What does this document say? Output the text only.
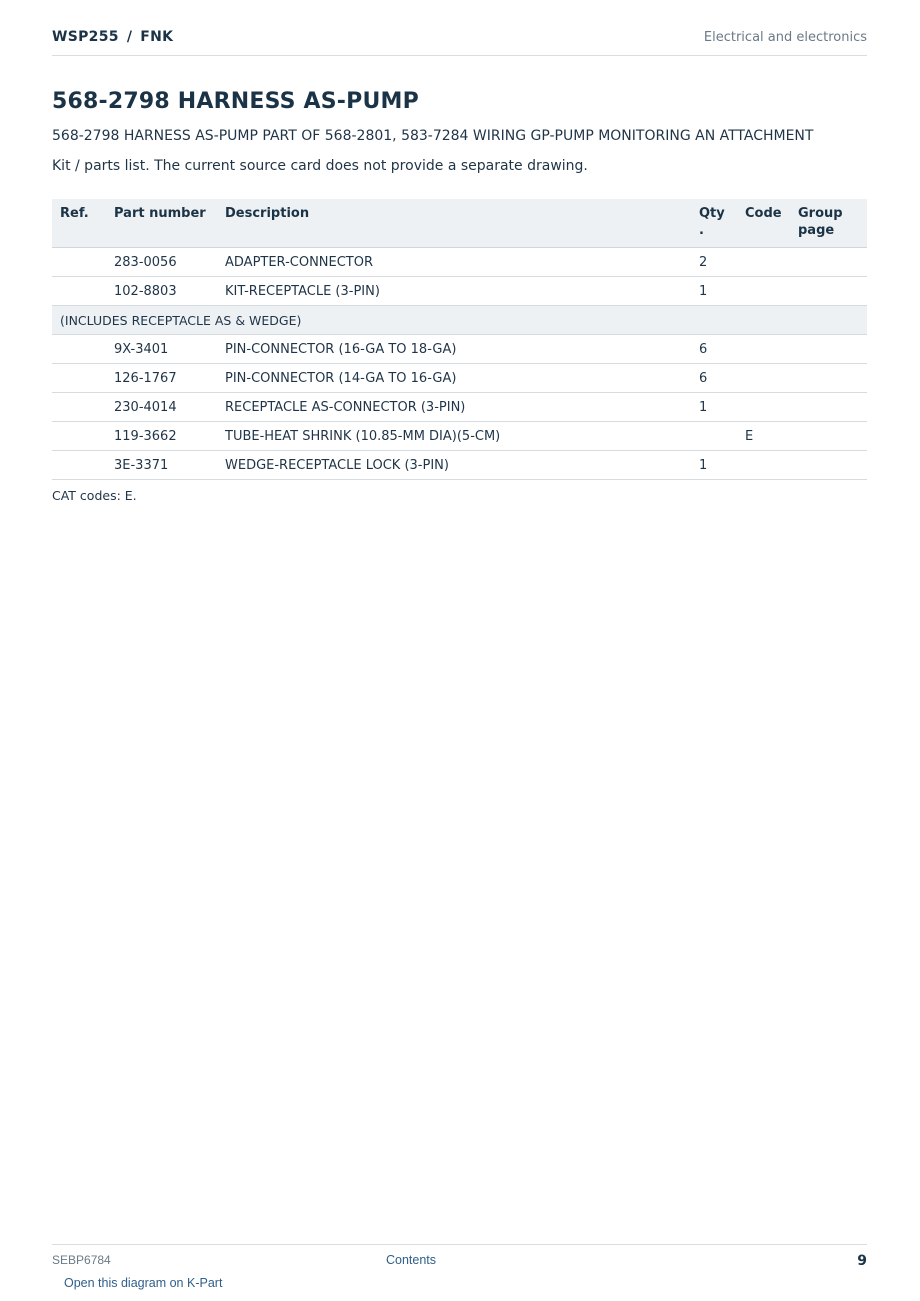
WSP255 / FNK	Electrical and electronics
568-2798 HARNESS AS-PUMP
568-2798 HARNESS AS-PUMP PART OF 568-2801, 583-7284 WIRING GP-PUMP MONITORING AN ATTACHMENT
Kit / parts list. The current source card does not provide a separate drawing.
Ref.	Part number	Description	Qty .	Code	Group page
	283-0056	ADAPTER-CONNECTOR	2		
	102-8803	KIT-RECEPTACLE (3-PIN)	1		
(INCLUDES RECEPTACLE AS & WEDGE)					
	9X-3401	PIN-CONNECTOR (16-GA TO 18-GA)	6		
	126-1767	PIN-CONNECTOR (14-GA TO 16-GA)	6		
	230-4014	RECEPTACLE AS-CONNECTOR (3-PIN)	1		
	119-3662	TUBE-HEAT SHRINK (10.85-MM DIA)(5-CM)		E	
	3E-3371	WEDGE-RECEPTACLE LOCK (3-PIN)	1		
CAT codes: E.
SEBP6784	Contents	9
Open this diagram on K-Part
